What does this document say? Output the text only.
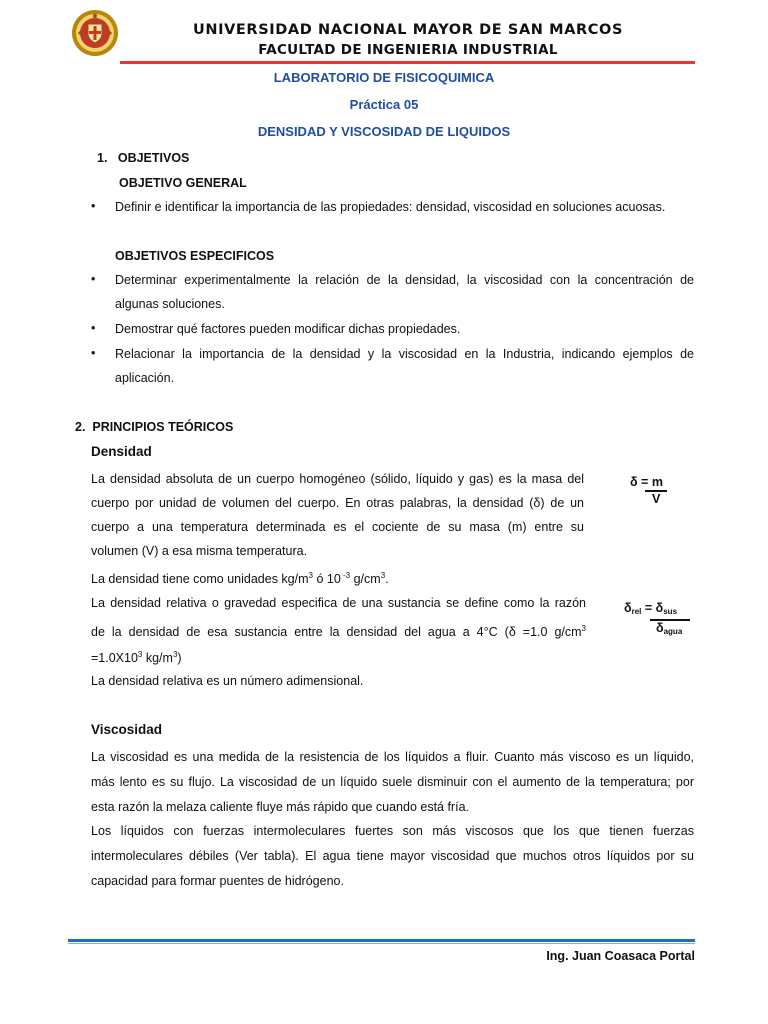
UNIVERSIDAD NACIONAL MAYOR DE SAN MARCOS
FACULTAD DE INGENIERIA INDUSTRIAL
LABORATORIO DE FISICOQUIMICA
Práctica 05
DENSIDAD Y VISCOSIDAD DE LIQUIDOS
1.   OBJETIVOS
OBJETIVO GENERAL
• Definir e identificar la importancia de las propiedades: densidad, viscosidad en soluciones acuosas.
OBJETIVOS ESPECIFICOS
• Determinar experimentalmente la relación de la densidad, la viscosidad con la concentración de
algunas soluciones.
• Demostrar qué factores pueden modificar dichas propiedades.
• Relacionar la importancia de la densidad y la viscosidad en la Industria, indicando ejemplos de
aplicación.
2.  PRINCIPIOS TEÓRICOS
Densidad
La densidad absoluta de un cuerpo homogéneo (sólido, líquido y gas) es la masa del
cuerpo por unidad de volumen del cuerpo. En otras palabras, la densidad (δ) de un
cuerpo a una temperatura determinada es el cociente de su masa (m) entre su
volumen (V) a esa misma temperatura.
La densidad tiene como unidades $kg/m^3$ ó 10 $^{-3}$ $g/cm^3$.
La densidad relativa o gravedad especifica de una sustancia se define como la razón
de la densidad de esa sustancia entre la densidad del agua a 4°C (δ =1.0 $g/cm^3$
$=1.0X10^3$ $kg/m^3$)
La densidad relativa es un número adimensional.
δ = m
V
$\delta_{rel} = \delta_{sus}$
$\delta_{agua}$
Viscosidad
La viscosidad es una medida de la resistencia de los líquidos a fluir. Cuanto más viscoso es un líquido,
más lento es su flujo. La viscosidad de un líquido suele disminuir con el aumento de la temperatura; por
esta razón la melaza caliente fluye más rápido que cuando está fría.
Los líquidos con fuerzas intermoleculares fuertes son más viscosos que los que tienen fuerzas
intermoleculares débiles (Ver tabla). El agua tiene mayor viscosidad que muchos otros líquidos por su
capacidad para formar puentes de hidrógeno.
Ing. Juan Coasaca Portal
